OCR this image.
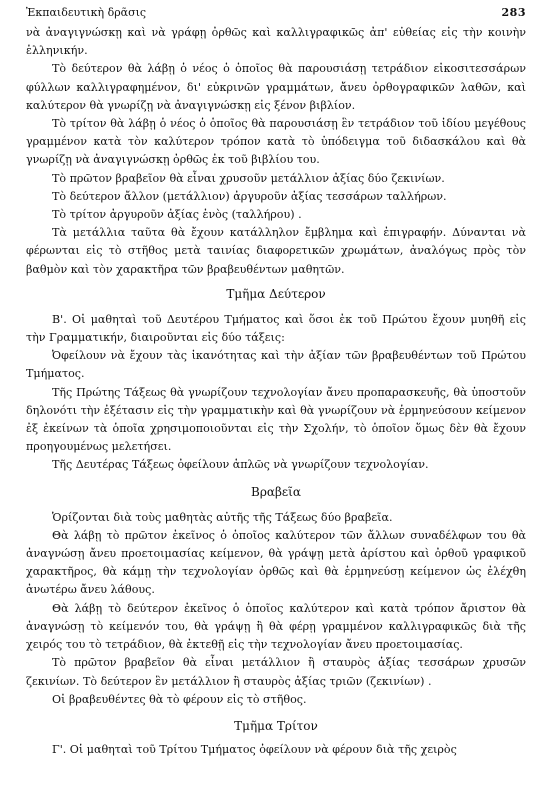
Ἐκπαιδευτικὴ δρᾶσις	283

νὰ ἀναγιγνώσκῃ καὶ νὰ γράφῃ ὀρθῶς καὶ καλλιγραφικῶς ἀπ' εὐθείας εἰς τὴν κοινὴν ἑλληνικήν.

Τὸ δεύτερον θὰ λάβῃ ὁ νέος ὁ ὁποῖος θὰ παρουσιάσῃ τετράδιον εἰκοσιτεσσάρων φύλλων καλλιγραφημένον, δι' εὐκρινῶν γραμμάτων, ἄνευ ὀρθογραφικῶν λαθῶν, καὶ καλύτερον θὰ γνωρίζῃ νὰ ἀναγιγνώσκῃ εἰς ξένον βιβλίον.

Τὸ τρίτον θὰ λάβῃ ὁ νέος ὁ ὁποῖος θὰ παρουσιάσῃ ἓν τετράδιον τοῦ ἰδίου μεγέθους γραμμένον κατὰ τὸν καλύτερον τρόπον κατὰ τὸ ὑπόδειγμα τοῦ διδασκάλου καὶ θὰ γνωρίζῃ νὰ ἀναγιγνώσκῃ ὀρθῶς ἐκ τοῦ βιβλίου του.

Τὸ πρῶτον βραβεῖον θὰ εἶναι χρυσοῦν μετάλλιον ἀξίας δύο ζεκινίων.

Τὸ δεύτερον ἄλλον (μετάλλιον) ἀργυροῦν ἀξίας τεσσάρων ταλλήρων.

Τὸ τρίτον ἀργυροῦν ἀξίας ἑνὸς (ταλλήρου) .

Τὰ μετάλλια ταῦτα θὰ ἔχουν κατάλληλον ἔμβλημα καὶ ἐπιγραφήν. Δύνανται νὰ φέρωνται εἰς τὸ στῆθος μετὰ ταινίας διαφορετικῶν χρωμάτων, ἀναλόγως πρὸς τὸν βαθμὸν καὶ τὸν χαρακτῆρα τῶν βραβευθέντων μαθητῶν.

Τμῆμα Δεύτερον

Β'. Οἱ μαθηταὶ τοῦ Δευτέρου Τμήματος καὶ ὅσοι ἐκ τοῦ Πρώτου ἔχουν μυηθῆ εἰς τὴν Γραμματικήν, διαιροῦνται εἰς δύο τάξεις:

Ὀφείλουν νὰ ἔχουν τὰς ἱκανότητας καὶ τὴν ἀξίαν τῶν βραβευθέντων τοῦ Πρώτου Τμήματος.

Τῆς Πρώτης Τάξεως θὰ γνωρίζουν τεχνολογίαν ἄνευ προπαρασκευῆς, θὰ ὑποστοῦν δηλονότι τὴν ἐξέτασιν εἰς τὴν γραμματικὴν καὶ θὰ γνωρίζουν νὰ ἑρμηνεύσουν κείμενον ἐξ ἐκείνων τὰ ὁποῖα χρησιμοποιοῦνται εἰς τὴν Σχολήν, τὸ ὁποῖον ὅμως δὲν θὰ ἔχουν προηγουμένως μελετήσει.

Τῆς Δευτέρας Τάξεως ὀφείλουν ἁπλῶς νὰ γνωρίζουν τεχνολογίαν.

Βραβεῖα

Ὁρίζονται διὰ τοὺς μαθητὰς αὐτῆς τῆς Τάξεως δύο βραβεῖα.

Θὰ λάβῃ τὸ πρῶτον ἐκεῖνος ὁ ὁποῖος καλύτερον τῶν ἄλλων συναδέλφων του θὰ ἀναγνώσῃ ἄνευ προετοιμασίας κείμενον, θὰ γράψῃ μετὰ ἀρίστου καὶ ὀρθοῦ γραφικοῦ χαρακτῆρος, θὰ κάμῃ τὴν τεχνολογίαν ὀρθῶς καὶ θὰ ἑρμηνεύσῃ κείμενον ὡς ἐλέχθη ἀνωτέρω ἄνευ λάθους.

Θὰ λάβῃ τὸ δεύτερον ἐκεῖνος ὁ ὁποῖος καλύτερον καὶ κατὰ τρόπον ἄριστον θὰ ἀναγνώσῃ τὸ κείμενόν του, θὰ γράψῃ ἢ θὰ φέρῃ γραμμένον καλλιγραφικῶς διὰ τῆς χειρός του τὸ τετράδιον, θὰ ἐκτεθῇ εἰς τὴν τεχνολογίαν ἄνευ προετοιμασίας.

Τὸ πρῶτον βραβεῖον θὰ εἶναι μετάλλιον ἢ σταυρὸς ἀξίας τεσσάρων χρυσῶν ζεκινίων. Τὸ δεύτερον ἓν μετάλλιον ἢ σταυρὸς ἀξίας τριῶν (ζεκινίων) .

Οἱ βραβευθέντες θὰ τὸ φέρουν εἰς τὸ στῆθος.

Τμῆμα Τρίτον

Γ'. Οἱ μαθηταὶ τοῦ Τρίτου Τμήματος ὀφείλουν νὰ φέρουν διὰ τῆς χειρὸς
